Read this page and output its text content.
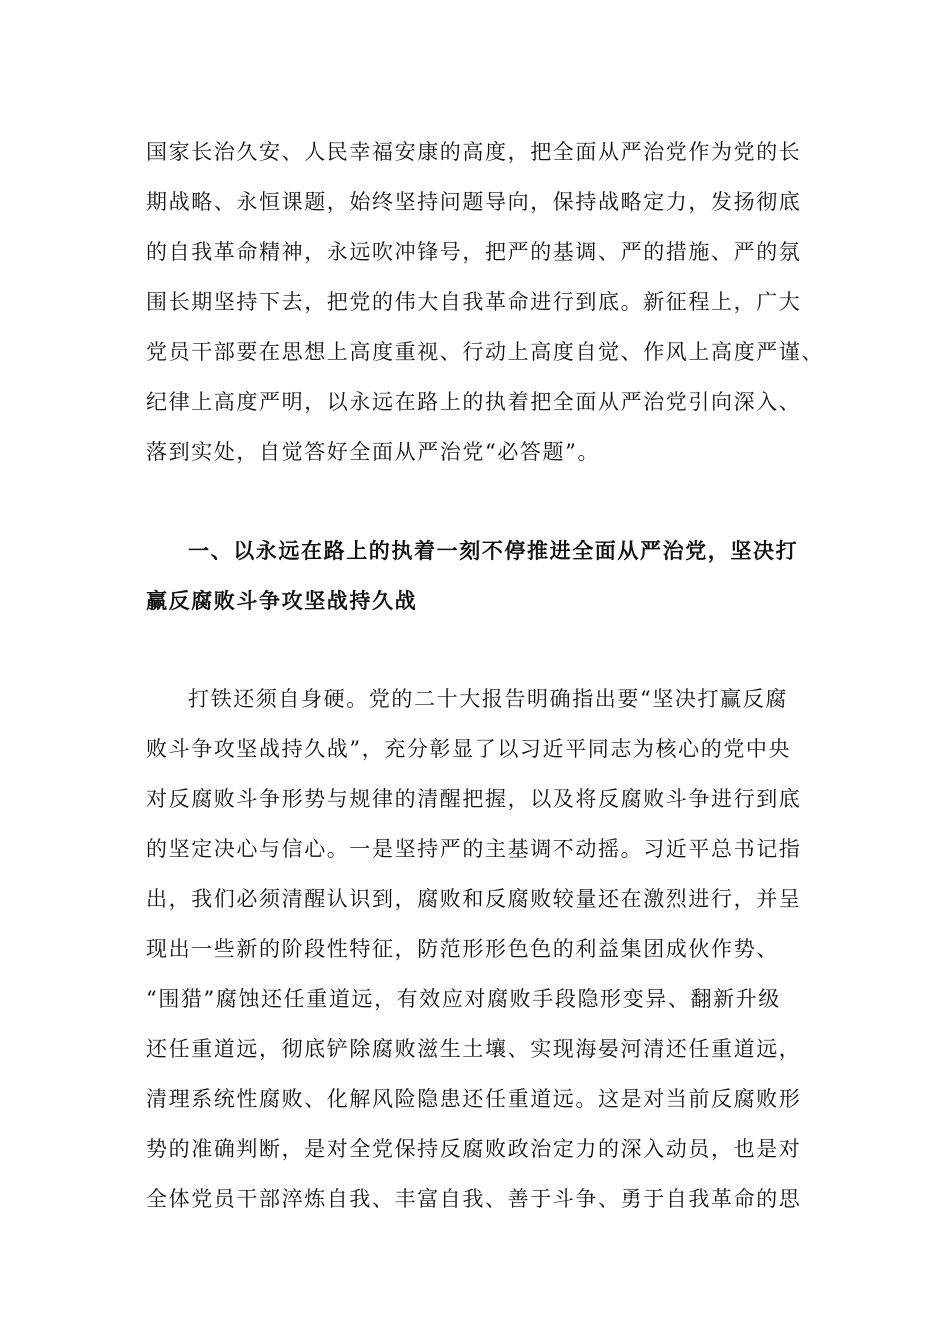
国家长治久安、人民幸福安康的高度，把全面从严治党作为党的长
期战略、永恒课题，始终坚持问题导向，保持战略定力，发扬彻底
的自我革命精神，永远吹冲锋号，把严的基调、严的措施、严的氛
围长期坚持下去，把党的伟大自我革命进行到底。新征程上，广大
党员干部要在思想上高度重视、行动上高度自觉、作风上高度严谨、
纪律上高度严明，以永远在路上的执着把全面从严治党引向深入、
落到实处，自觉答好全面从严治党“必答题”。
一、以永远在路上的执着一刻不停推进全面从严治党，坚决打
赢反腐败斗争攻坚战持久战
打铁还须自身硬。党的二十大报告明确指出要“坚决打赢反腐
败斗争攻坚战持久战”，充分彰显了以习近平同志为核心的党中央
对反腐败斗争形势与规律的清醒把握，以及将反腐败斗争进行到底
的坚定决心与信心。一是坚持严的主基调不动摇。习近平总书记指
出，我们必须清醒认识到，腐败和反腐败较量还在激烈进行，并呈
现出一些新的阶段性特征，防范形形色色的利益集团成伙作势、
“围猎”腐蚀还任重道远，有效应对腐败手段隐形变异、翻新升级
还任重道远，彻底铲除腐败滋生土壤、实现海晏河清还任重道远，
清理系统性腐败、化解风险隐患还任重道远。这是对当前反腐败形
势的准确判断，是对全党保持反腐败政治定力的深入动员，也是对
全体党员干部淬炼自我、丰富自我、善于斗争、勇于自我革命的思
